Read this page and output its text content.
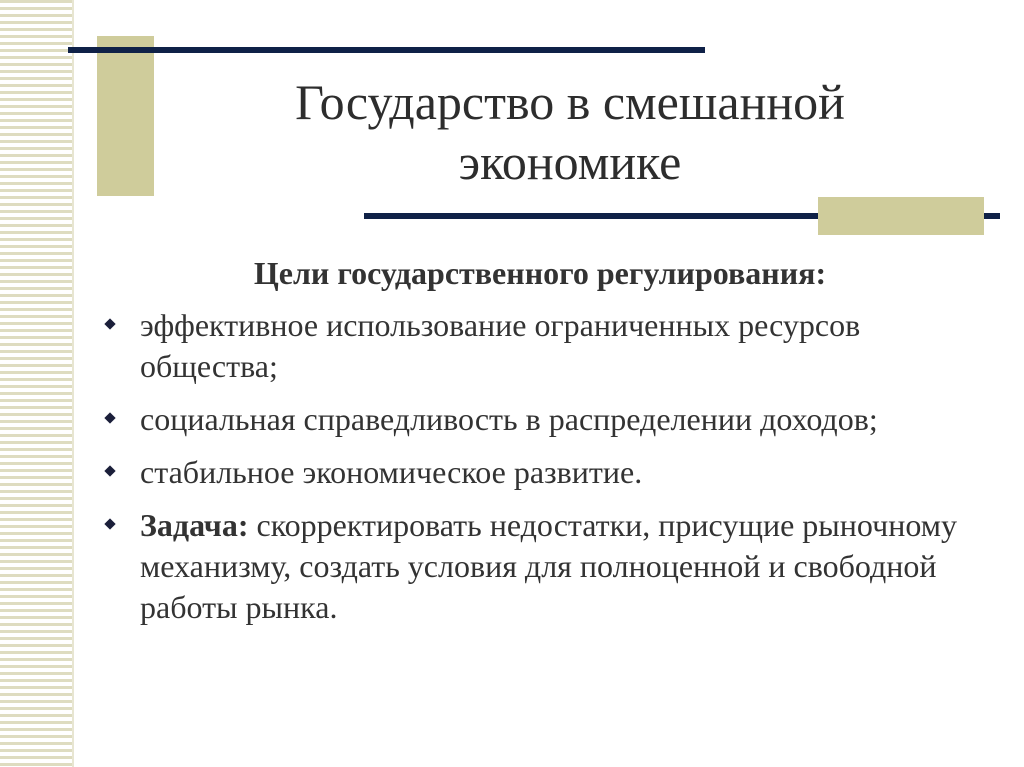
Государство в смешанной
экономике
Цели государственного регулирования:
эффективное использование ограниченных ресурсов общества;
социальная справедливость в распределении доходов;
стабильное экономическое развитие.
Задача: скорректировать недостатки, присущие рыночному механизму, создать условия для полноценной и свободной работы рынка.
